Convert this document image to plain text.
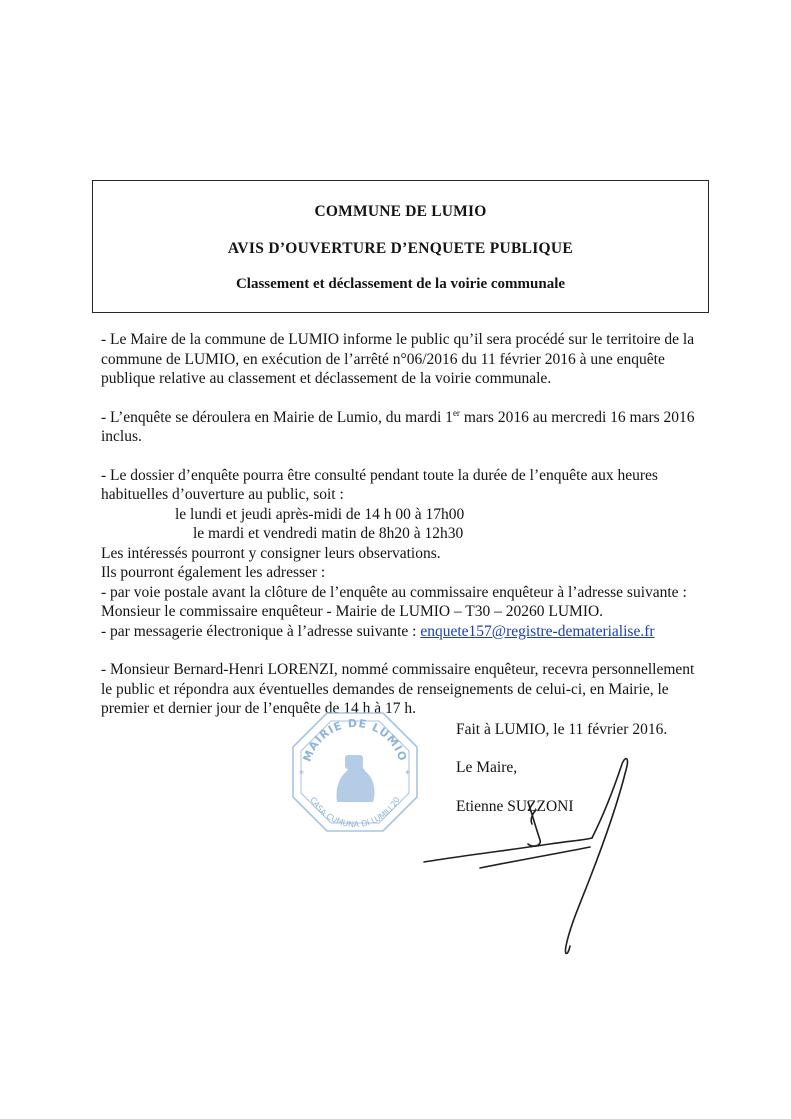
COMMUNE DE LUMIO
AVIS D’OUVERTURE D’ENQUETE PUBLIQUE
Classement et déclassement de la voirie communale

- Le Maire de la commune de LUMIO informe le public qu’il sera procédé sur le territoire de la commune de LUMIO, en exécution de l’arrêté n°06/2016 du 11 février 2016 à une enquête publique relative au classement et déclassement de la voirie communale.

- L’enquête se déroulera en Mairie de Lumio, du mardi 1er mars 2016 au mercredi 16 mars 2016 inclus.

- Le dossier d’enquête pourra être consulté pendant toute la durée de l’enquête aux heures habituelles d’ouverture au public, soit :

le lundi et jeudi après-midi de 14 h 00 à 17h00

le mardi et vendredi matin de 8h20 à 12h30

Les intéressés pourront y consigner leurs observations.

Ils pourront également les adresser :

- par voie postale avant la clôture de l’enquête au commissaire enquêteur à l’adresse suivante : Monsieur le commissaire enquêteur - Mairie de LUMIO – T30 – 20260 LUMIO.

- par messagerie électronique à l’adresse suivante : enquete157@registre-dematerialise.fr

- Monsieur Bernard-Henri LORENZI, nommé commissaire enquêteur, recevra personnellement le public et répondra aux éventuelles demandes de renseignements de celui-ci, en Mairie, le premier et dernier jour de l’enquête de 14 h à 17 h.

MAIRIE DE LUMIO
CASA CUMUNA DI LUMIU 20
*	*
Fait à LUMIO, le 11 février 2016.
Le Maire,
Etienne SUZZONI
